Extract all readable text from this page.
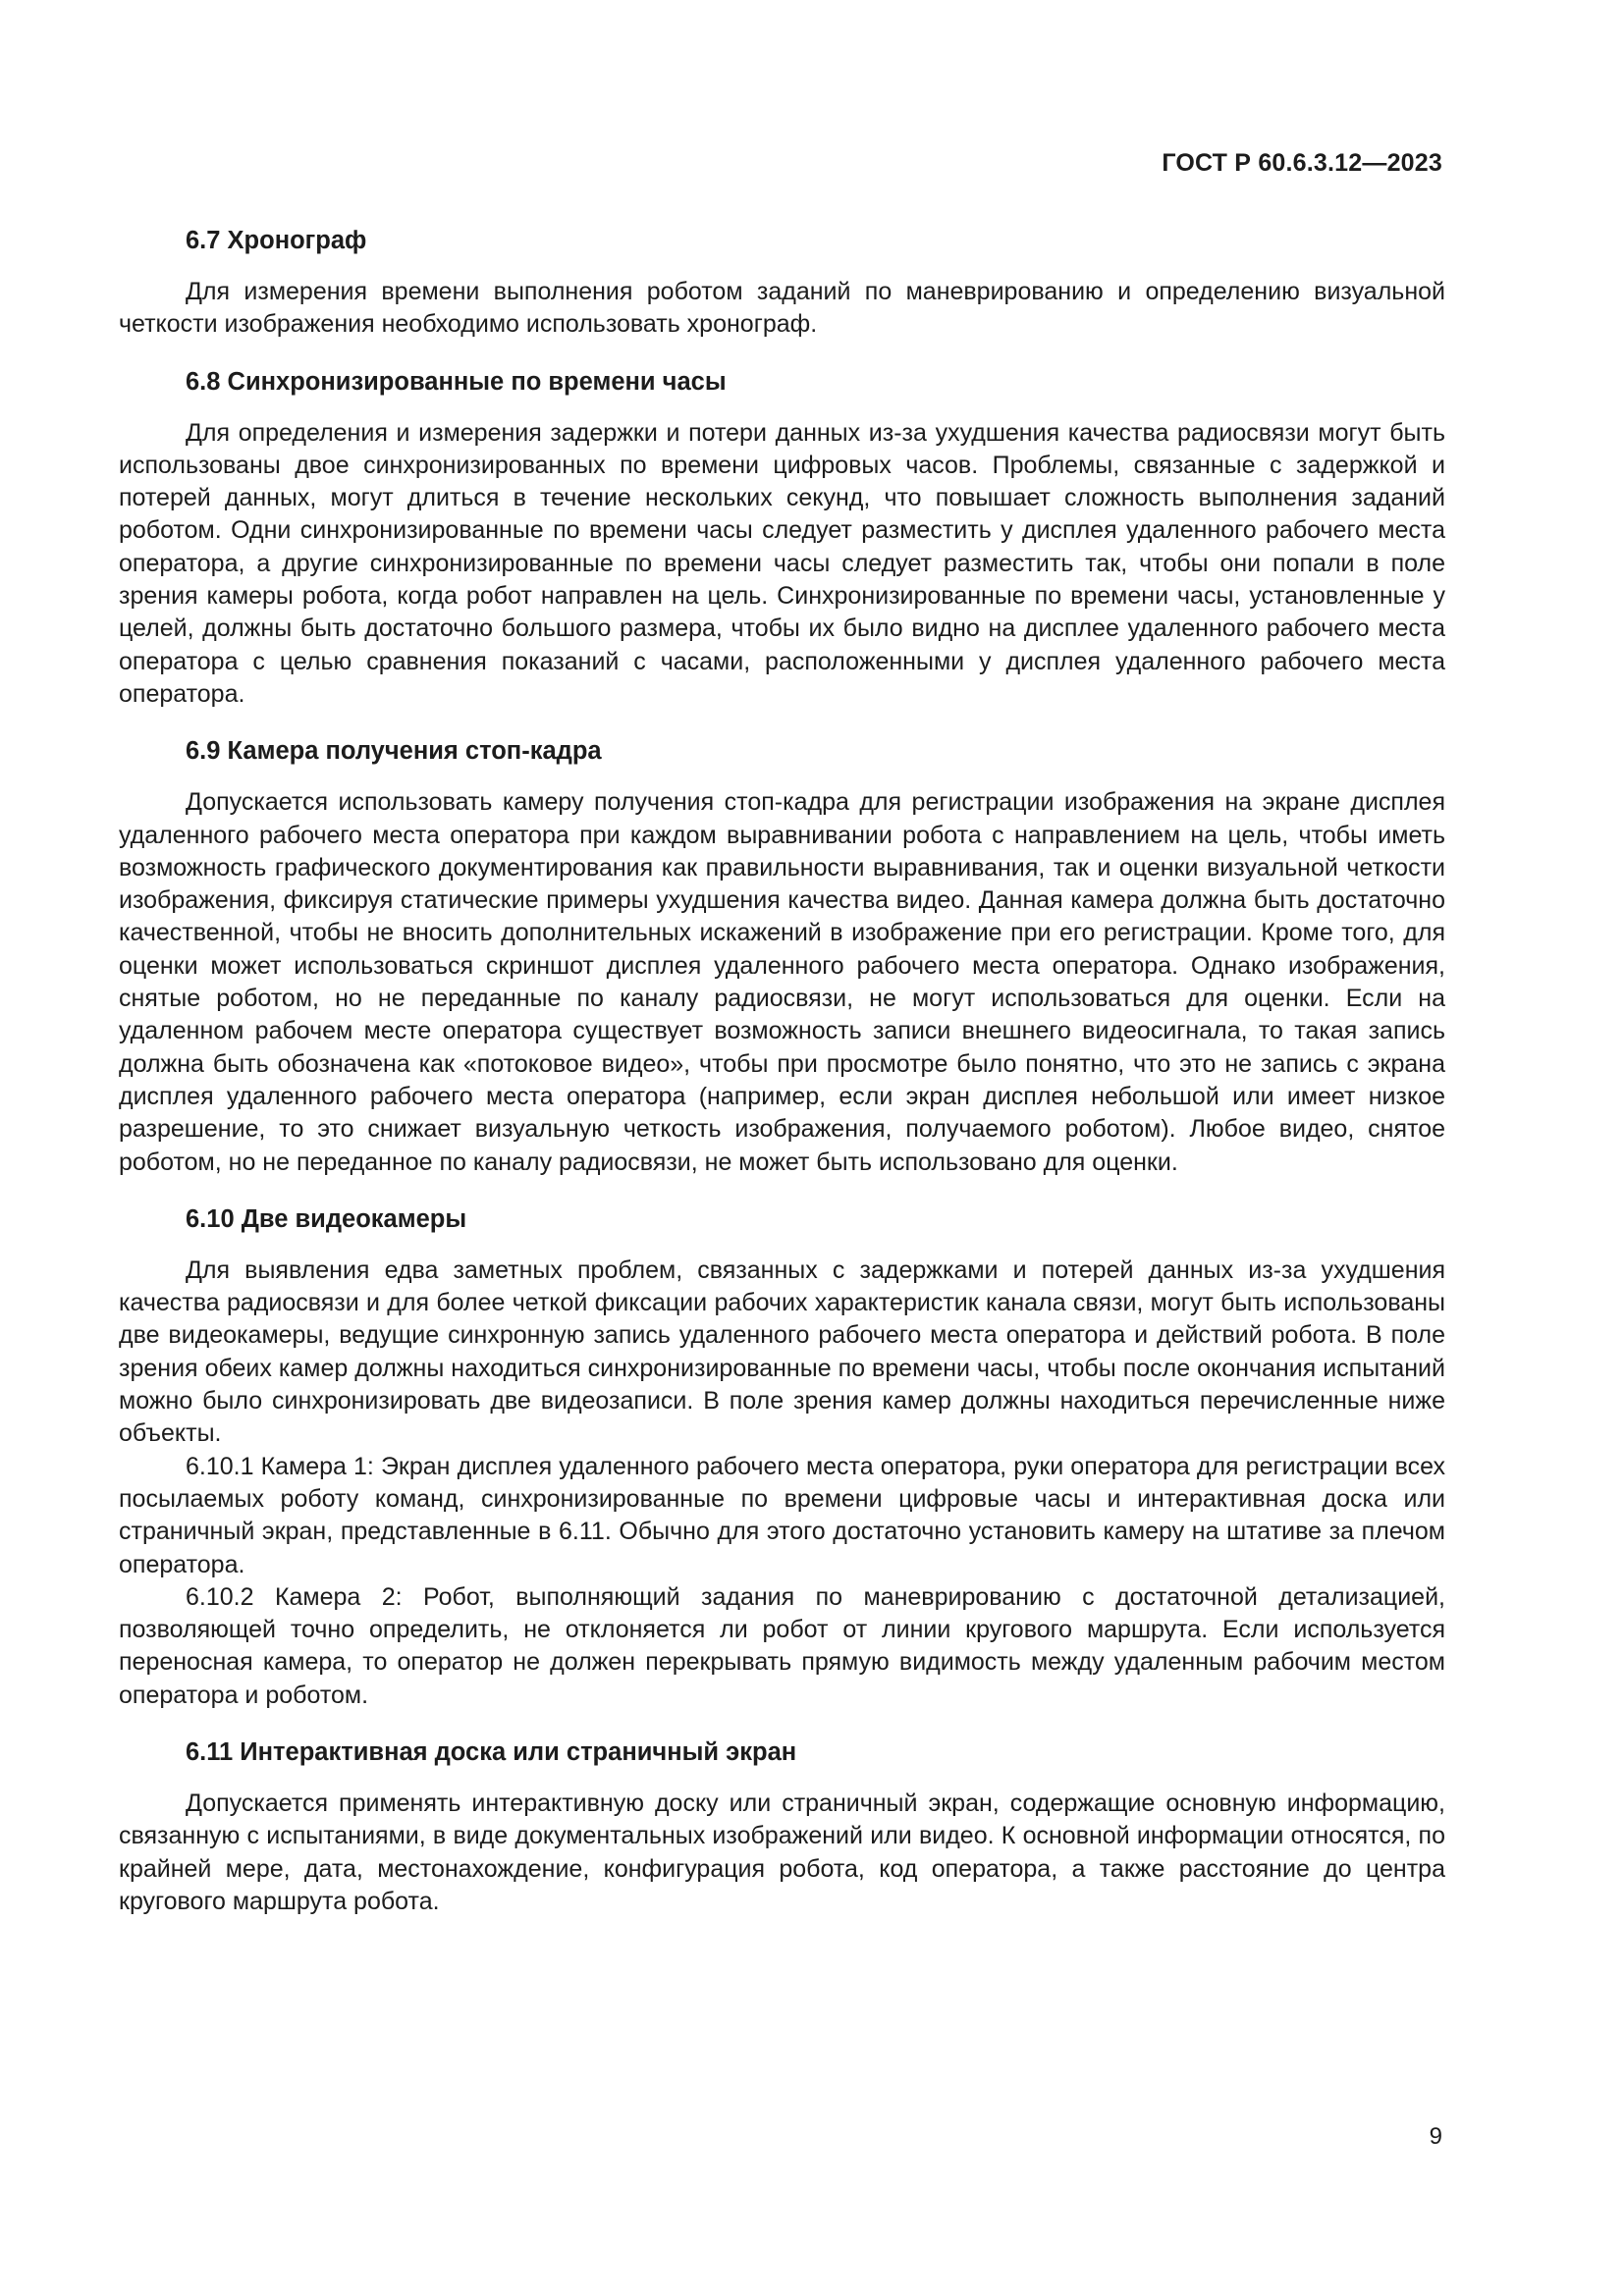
ГОСТ Р 60.6.3.12—2023
6.7 Хронограф

Для измерения времени выполнения роботом заданий по маневрированию и определению визуальной четкости изображения необходимо использовать хронограф.

6.8 Синхронизированные по времени часы

Для определения и измерения задержки и потери данных из-за ухудшения качества радиосвязи могут быть использованы двое синхронизированных по времени цифровых часов. Проблемы, связанные с задержкой и потерей данных, могут длиться в течение нескольких секунд, что повышает сложность выполнения заданий роботом. Одни синхронизированные по времени часы следует разместить у дисплея удаленного рабочего места оператора, а другие синхронизированные по времени часы следует разместить так, чтобы они попали в поле зрения камеры робота, когда робот направлен на цель. Синхронизированные по времени часы, установленные у целей, должны быть достаточно большого размера, чтобы их было видно на дисплее удаленного рабочего места оператора с целью сравнения показаний с часами, расположенными у дисплея удаленного рабочего места оператора.

6.9 Камера получения стоп-кадра

Допускается использовать камеру получения стоп-кадра для регистрации изображения на экране дисплея удаленного рабочего места оператора при каждом выравнивании робота с направлением на цель, чтобы иметь возможность графического документирования как правильности выравнивания, так и оценки визуальной четкости изображения, фиксируя статические примеры ухудшения качества видео. Данная камера должна быть достаточно качественной, чтобы не вносить дополнительных искажений в изображение при его регистрации. Кроме того, для оценки может использоваться скриншот дисплея удаленного рабочего места оператора. Однако изображения, снятые роботом, но не переданные по каналу радиосвязи, не могут использоваться для оценки. Если на удаленном рабочем месте оператора существует возможность записи внешнего видеосигнала, то такая запись должна быть обозначена как «потоковое видео», чтобы при просмотре было понятно, что это не запись с экрана дисплея удаленного рабочего места оператора (например, если экран дисплея небольшой или имеет низкое разрешение, то это снижает визуальную четкость изображения, получаемого роботом). Любое видео, снятое роботом, но не переданное по каналу радиосвязи, не может быть использовано для оценки.

6.10 Две видеокамеры

Для выявления едва заметных проблем, связанных с задержками и потерей данных из-за ухудшения качества радиосвязи и для более четкой фиксации рабочих характеристик канала связи, могут быть использованы две видеокамеры, ведущие синхронную запись удаленного рабочего места оператора и действий робота. В поле зрения обеих камер должны находиться синхронизированные по времени часы, чтобы после окончания испытаний можно было синхронизировать две видеозаписи. В поле зрения камер должны находиться перечисленные ниже объекты.

6.10.1 Камера 1: Экран дисплея удаленного рабочего места оператора, руки оператора для регистрации всех посылаемых роботу команд, синхронизированные по времени цифровые часы и интерактивная доска или страничный экран, представленные в 6.11. Обычно для этого достаточно установить камеру на штативе за плечом оператора.

6.10.2 Камера 2: Робот, выполняющий задания по маневрированию с достаточной детализацией, позволяющей точно определить, не отклоняется ли робот от линии кругового маршрута. Если используется переносная камера, то оператор не должен перекрывать прямую видимость между удаленным рабочим местом оператора и роботом.

6.11 Интерактивная доска или страничный экран

Допускается применять интерактивную доску или страничный экран, содержащие основную информацию, связанную с испытаниями, в виде документальных изображений или видео. К основной информации относятся, по крайней мере, дата, местонахождение, конфигурация робота, код оператора, а также расстояние до центра кругового маршрута робота.

9
